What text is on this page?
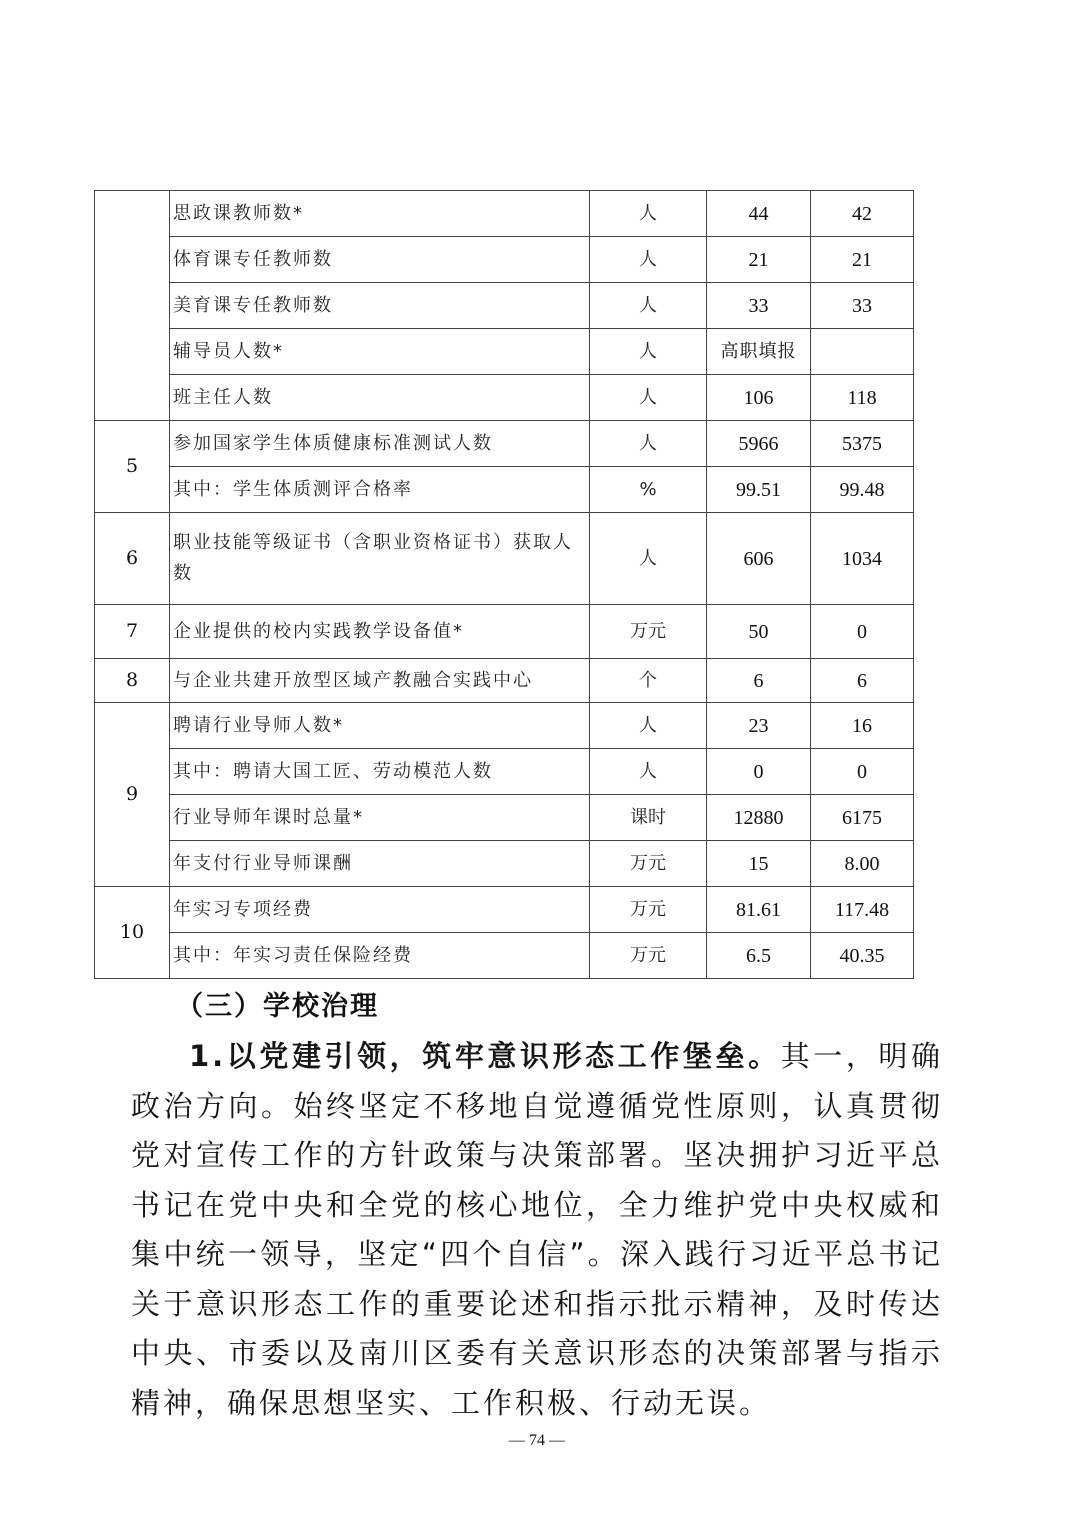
	思政课教师数*	人	44	42
	体育课专任教师数	人	21	21
	美育课专任教师数	人	33	33
	辅导员人数*	人	高职填报	
	班主任人数	人	106	118
5	参加国家学生体质健康标准测试人数	人	5966	5375
	其中：学生体质测评合格率	%	99.51	99.48
6	职业技能等级证书（含职业资格证书）获取人数	人	606	1034
7	企业提供的校内实践教学设备值*	万元	50	0
8	与企业共建开放型区域产教融合实践中心	个	6	6
9	聘请行业导师人数*	人	23	16
	其中：聘请大国工匠、劳动模范人数	人	0	0
	行业导师年课时总量*	课时	12880	6175
	年支付行业导师课酬	万元	15	8.00
10	年实习专项经费	万元	81.61	117.48
	其中：年实习责任保险经费	万元	6.5	40.35
（三）学校治理

1.以党建引领，筑牢意识形态工作堡垒。其一，明确政治方向。始终坚定不移地自觉遵循党性原则，认真贯彻党对宣传工作的方针政策与决策部署。坚决拥护习近平总书记在党中央和全党的核心地位，全力维护党中央权威和集中统一领导，坚定“四个自信”。深入践行习近平总书记关于意识形态工作的重要论述和指示批示精神，及时传达中央、市委以及南川区委有关意识形态的决策部署与指示精神，确保思想坚实、工作积极、行动无误。

— 74 —
